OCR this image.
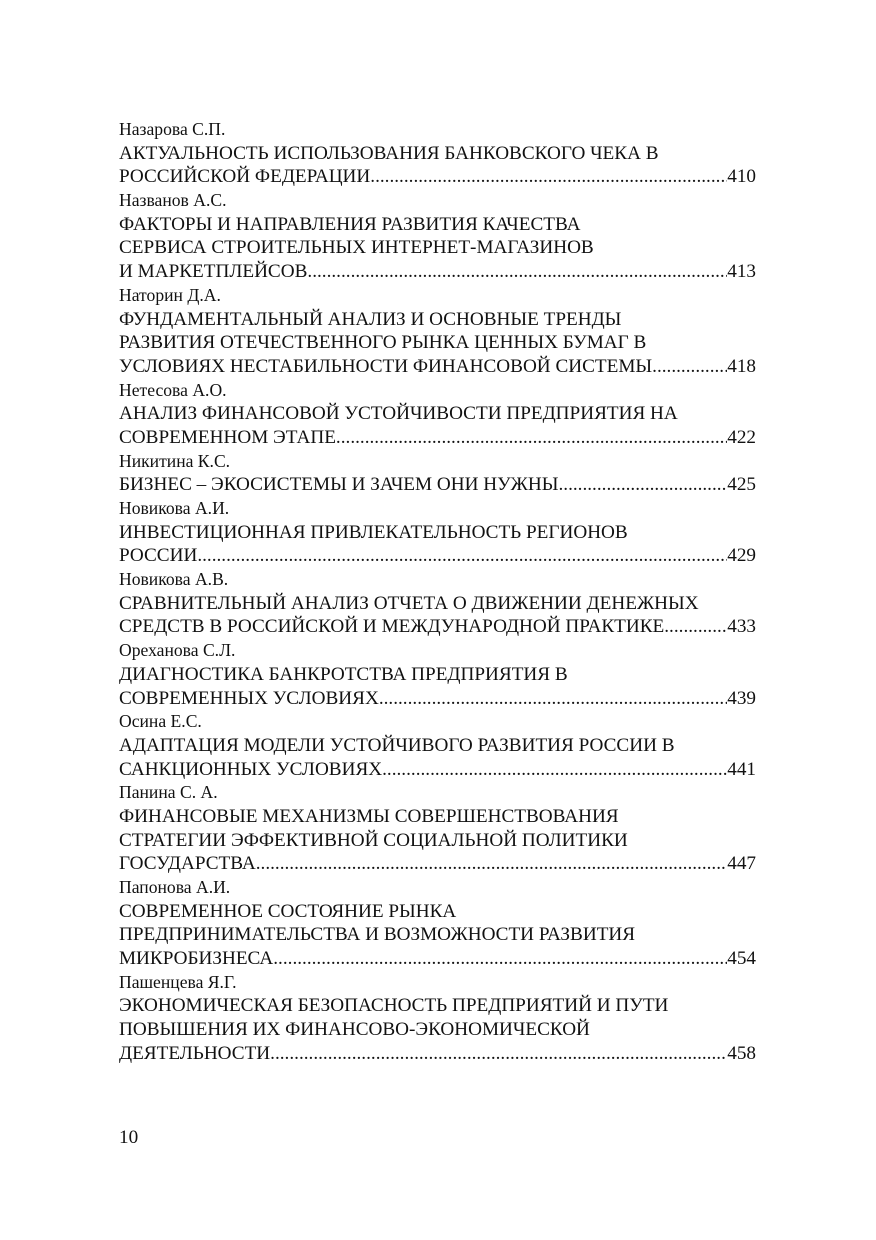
Назарова С.П.
АКТУАЛЬНОСТЬ ИСПОЛЬЗОВАНИЯ БАНКОВСКОГО ЧЕКА В
РОССИЙСКОЙ ФЕДЕРАЦИИ .....	410
Названов А.С.
ФАКТОРЫ И НАПРАВЛЕНИЯ РАЗВИТИЯ КАЧЕСТВА
СЕРВИСА СТРОИТЕЛЬНЫХ ИНТЕРНЕТ-МАГАЗИНОВ
И МАРКЕТПЛЕЙСОВ .....	413
Наторин Д.А.
ФУНДАМЕНТАЛЬНЫЙ АНАЛИЗ И ОСНОВНЫЕ ТРЕНДЫ
РАЗВИТИЯ ОТЕЧЕСТВЕННОГО РЫНКА ЦЕННЫХ БУМАГ В
УСЛОВИЯХ НЕСТАБИЛЬНОСТИ ФИНАНСОВОЙ СИСТЕМЫ .....	418
Нетесова А.О.
АНАЛИЗ ФИНАНСОВОЙ УСТОЙЧИВОСТИ ПРЕДПРИЯТИЯ НА
СОВРЕМЕННОМ ЭТАПЕ .....	422
Никитина К.С.
БИЗНЕС – ЭКОСИСТЕМЫ И ЗАЧЕМ ОНИ НУЖНЫ .....	425
Новикова А.И.
ИНВЕСТИЦИОННАЯ ПРИВЛЕКАТЕЛЬНОСТЬ РЕГИОНОВ
РОССИИ .....	429
Новикова А.В.
СРАВНИТЕЛЬНЫЙ АНАЛИЗ ОТЧЕТА О ДВИЖЕНИИ ДЕНЕЖНЫХ
СРЕДСТВ В РОССИЙСКОЙ И МЕЖДУНАРОДНОЙ ПРАКТИКЕ .....	433
Ореханова С.Л.
ДИАГНОСТИКА БАНКРОТСТВА ПРЕДПРИЯТИЯ В
СОВРЕМЕННЫХ УСЛОВИЯХ .....	439
Осина Е.С.
АДАПТАЦИЯ МОДЕЛИ УСТОЙЧИВОГО РАЗВИТИЯ РОССИИ В
САНКЦИОННЫХ УСЛОВИЯХ .....	441
Панина С. А.
ФИНАНСОВЫЕ МЕХАНИЗМЫ СОВЕРШЕНСТВОВАНИЯ
СТРАТЕГИИ ЭФФЕКТИВНОЙ СОЦИАЛЬНОЙ ПОЛИТИКИ
ГОСУДАРСТВА .....	447
Папонова А.И.
СОВРЕМЕННОЕ СОСТОЯНИЕ РЫНКА
ПРЕДПРИНИМАТЕЛЬСТВА И ВОЗМОЖНОСТИ РАЗВИТИЯ
МИКРОБИЗНЕСА .....	454
Пашенцева Я.Г.
ЭКОНОМИЧЕСКАЯ БЕЗОПАСНОСТЬ ПРЕДПРИЯТИЙ И ПУТИ
ПОВЫШЕНИЯ ИХ ФИНАНСОВО-ЭКОНОМИЧЕСКОЙ
ДЕЯТЕЛЬНОСТИ .....	458
10
